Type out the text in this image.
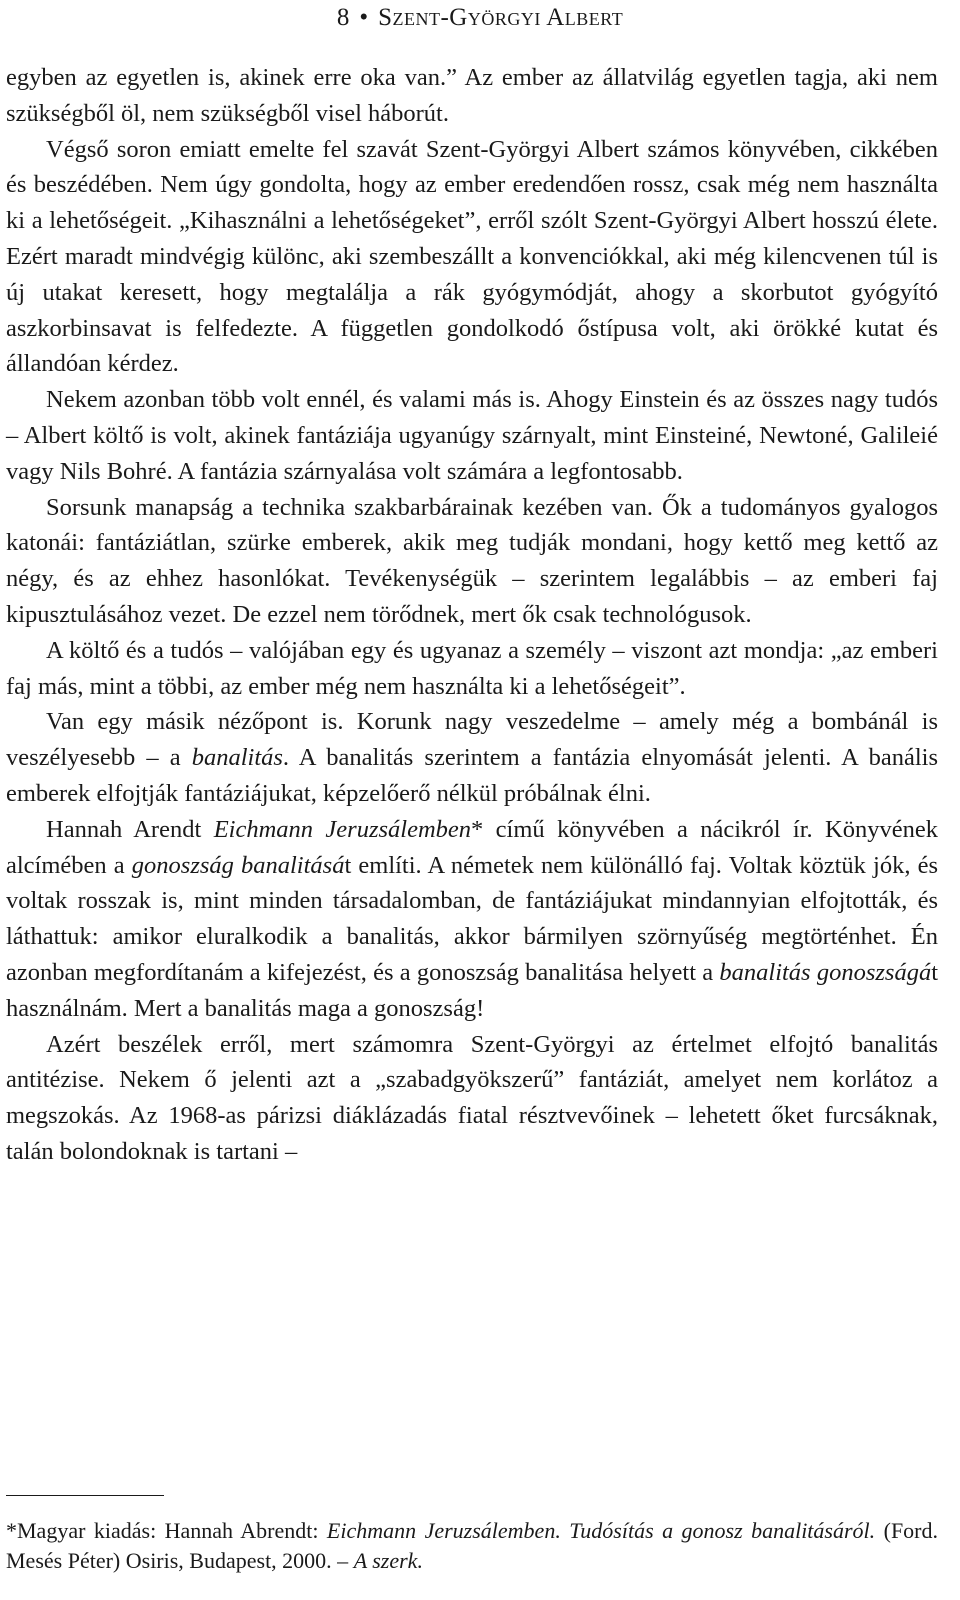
8 • Szent-Györgyi Albert

egyben az egyetlen is, akinek erre oka van.” Az ember az állatvilág egyetlen tagja, aki nem szükségből öl, nem szükségből visel háborút.

Végső soron emiatt emelte fel szavát Szent-Györgyi Albert számos könyvében, cikkében és beszédében. Nem úgy gondolta, hogy az ember eredendően rossz, csak még nem használta ki a lehetőségeit. „Kihasználni a lehetőségeket”, erről szólt Szent-Györgyi Albert hosszú élete. Ezért maradt mindvégig különc, aki szembeszállt a konvenciókkal, aki még kilencvenen túl is új utakat keresett, hogy megtalálja a rák gyógymódját, ahogy a skorbutot gyógyító aszkorbinsavat is felfedezte. A független gondolkodó őstípusa volt, aki örökké kutat és állandóan kérdez.

Nekem azonban több volt ennél, és valami más is. Ahogy Einstein és az összes nagy tudós – Albert költő is volt, akinek fantáziája ugyanúgy szárnyalt, mint Einsteiné, Newtoné, Galileié vagy Nils Bohré. A fantázia szárnyalása volt számára a legfontosabb.

Sorsunk manapság a technika szakbarbárainak kezében van. Ők a tudományos gyalogos katonái: fantáziátlan, szürke emberek, akik meg tudják mondani, hogy kettő meg kettő az négy, és az ehhez hasonlókat. Tevékenységük – szerintem legalábbis – az emberi faj kipusztulásához vezet. De ezzel nem törődnek, mert ők csak technológusok.

A költő és a tudós – valójában egy és ugyanaz a személy – viszont azt mondja: „az emberi faj más, mint a többi, az ember még nem használta ki a lehetőségeit”.

Van egy másik nézőpont is. Korunk nagy veszedelme – amely még a bombánál is veszélyesebb – a banalitás. A banalitás szerintem a fantázia elnyomását jelenti. A banális emberek elfojtják fantáziájukat, képzelőerő nélkül próbálnak élni.

Hannah Arendt Eichmann Jeruzsálemben* című könyvében a nácikról ír. Könyvének alcímében a gonoszság banalitását említi. A németek nem különálló faj. Voltak köztük jók, és voltak rosszak is, mint minden társadalomban, de fantáziájukat mindannyian elfojtották, és láthattuk: amikor eluralkodik a banalitás, akkor bármilyen szörnyűség megtörténhet. Én azonban megfordítanám a kifejezést, és a gonoszság banalitása helyett a banalitás gonoszságát használnám. Mert a banalitás maga a gonoszság!

Azért beszélek erről, mert számomra Szent-Györgyi az értelmet elfojtó banalitás antitézise. Nekem ő jelenti azt a „szabadgyökszerű” fantáziát, amelyet nem korlátoz a megszokás. Az 1968-as párizsi diáklázadás fiatal résztvevőinek – lehetett őket furcsáknak, talán bolondoknak is tartani –

*Magyar kiadás: Hannah Abrendt: Eichmann Jeruzsálemben. Tudósítás a gonosz banalitásáról. (Ford. Mesés Péter) Osiris, Budapest, 2000. – A szerk.
